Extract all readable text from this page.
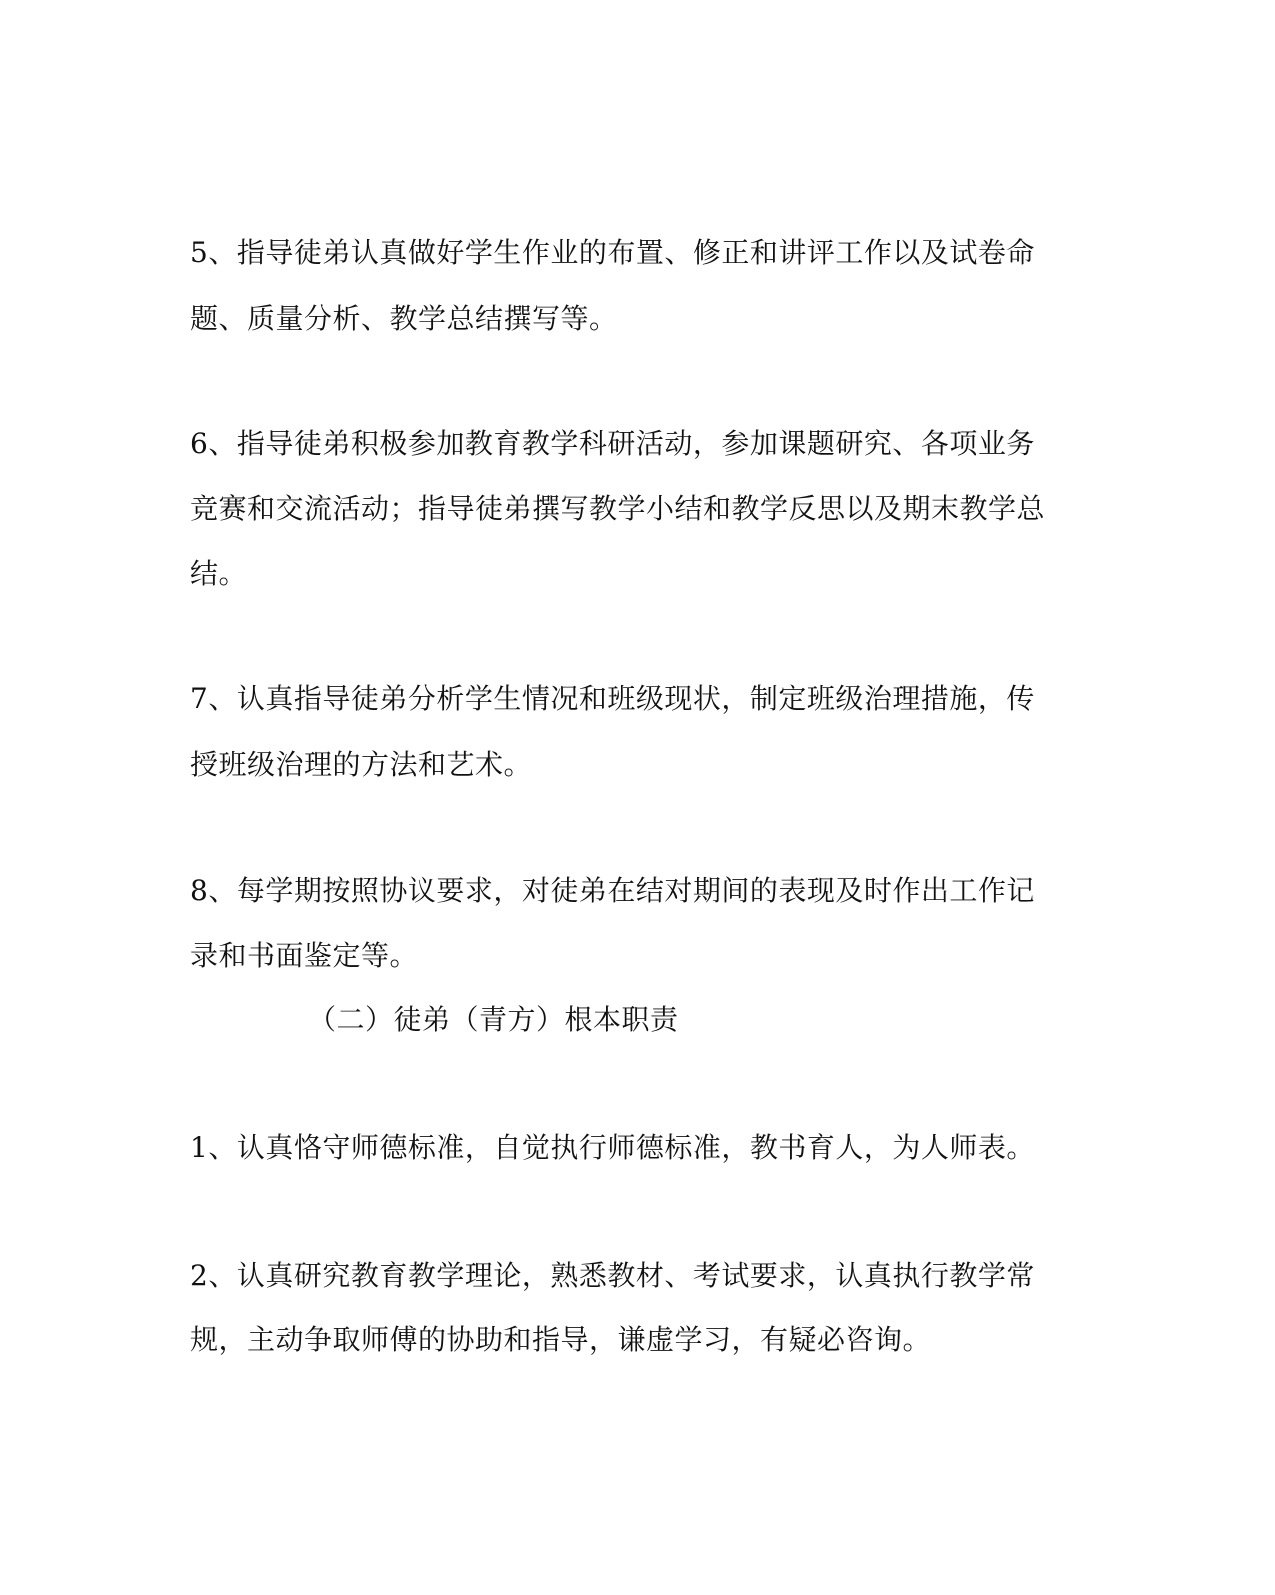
5、指导徒弟认真做好学生作业的布置、修正和讲评工作以及试卷命
题、质量分析、教学总结撰写等。
6、指导徒弟积极参加教育教学科研活动，参加课题研究、各项业务
竞赛和交流活动；指导徒弟撰写教学小结和教学反思以及期末教学总
结。
7、认真指导徒弟分析学生情况和班级现状，制定班级治理措施，传
授班级治理的方法和艺术。
8、每学期按照协议要求，对徒弟在结对期间的表现及时作出工作记
录和书面鉴定等。
（二）徒弟（青方）根本职责
1、认真恪守师德标准，自觉执行师德标准，教书育人，为人师表。
2、认真研究教育教学理论，熟悉教材、考试要求，认真执行教学常
规，主动争取师傅的协助和指导，谦虚学习，有疑必咨询。
